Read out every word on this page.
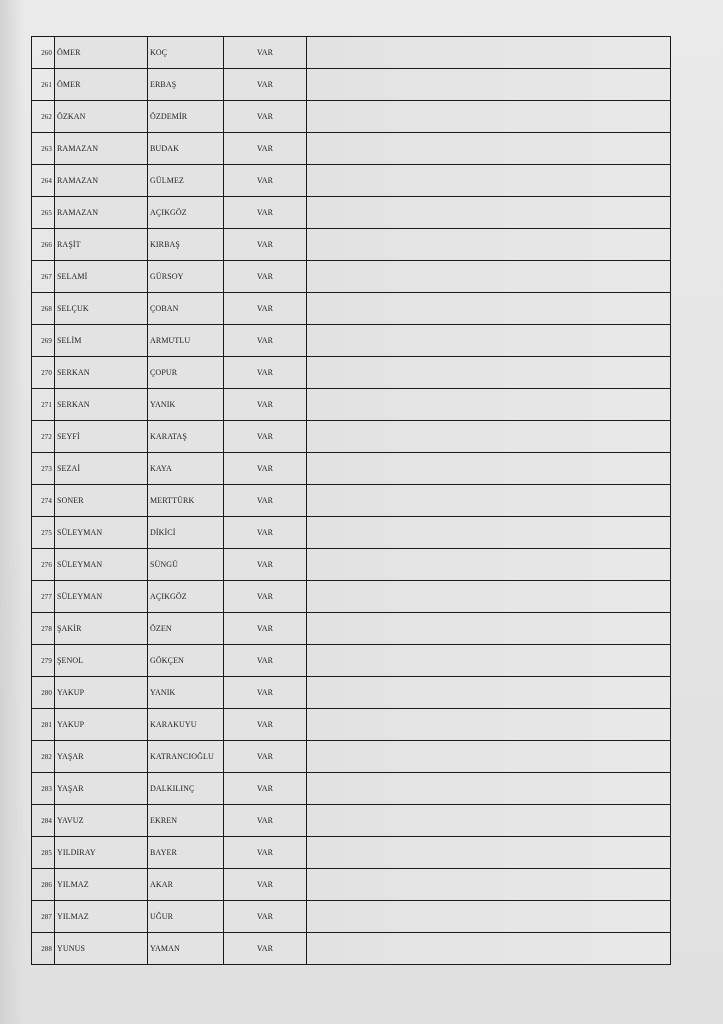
260	ÖMER	KOÇ	VAR	
261	ÖMER	ERBAŞ	VAR	
262	ÖZKAN	ÖZDEMİR	VAR	
263	RAMAZAN	BUDAK	VAR	
264	RAMAZAN	GÜLMEZ	VAR	
265	RAMAZAN	AÇIKGÖZ	VAR	
266	RAŞİT	KIRBAŞ	VAR	
267	SELAMİ	GÜRSOY	VAR	
268	SELÇUK	ÇOBAN	VAR	
269	SELİM	ARMUTLU	VAR	
270	SERKAN	ÇOPUR	VAR	
271	SERKAN	YANIK	VAR	
272	SEYFİ	KARATAŞ	VAR	
273	SEZAİ	KAYA	VAR	
274	SONER	MERTTÜRK	VAR	
275	SÜLEYMAN	DİKİCİ	VAR	
276	SÜLEYMAN	SÜNGÜ	VAR	
277	SÜLEYMAN	AÇIKGÖZ	VAR	
278	ŞAKİR	ÖZEN	VAR	
279	ŞENOL	GÖKÇEN	VAR	
280	YAKUP	YANIK	VAR	
281	YAKUP	KARAKUYU	VAR	
282	YAŞAR	KATRANCIOĞLU	VAR	
283	YAŞAR	DALKILINÇ	VAR	
284	YAVUZ	EKREN	VAR	
285	YILDIRAY	BAYER	VAR	
286	YILMAZ	AKAR	VAR	
287	YILMAZ	UĞUR	VAR	
288	YUNUS	YAMAN	VAR	
